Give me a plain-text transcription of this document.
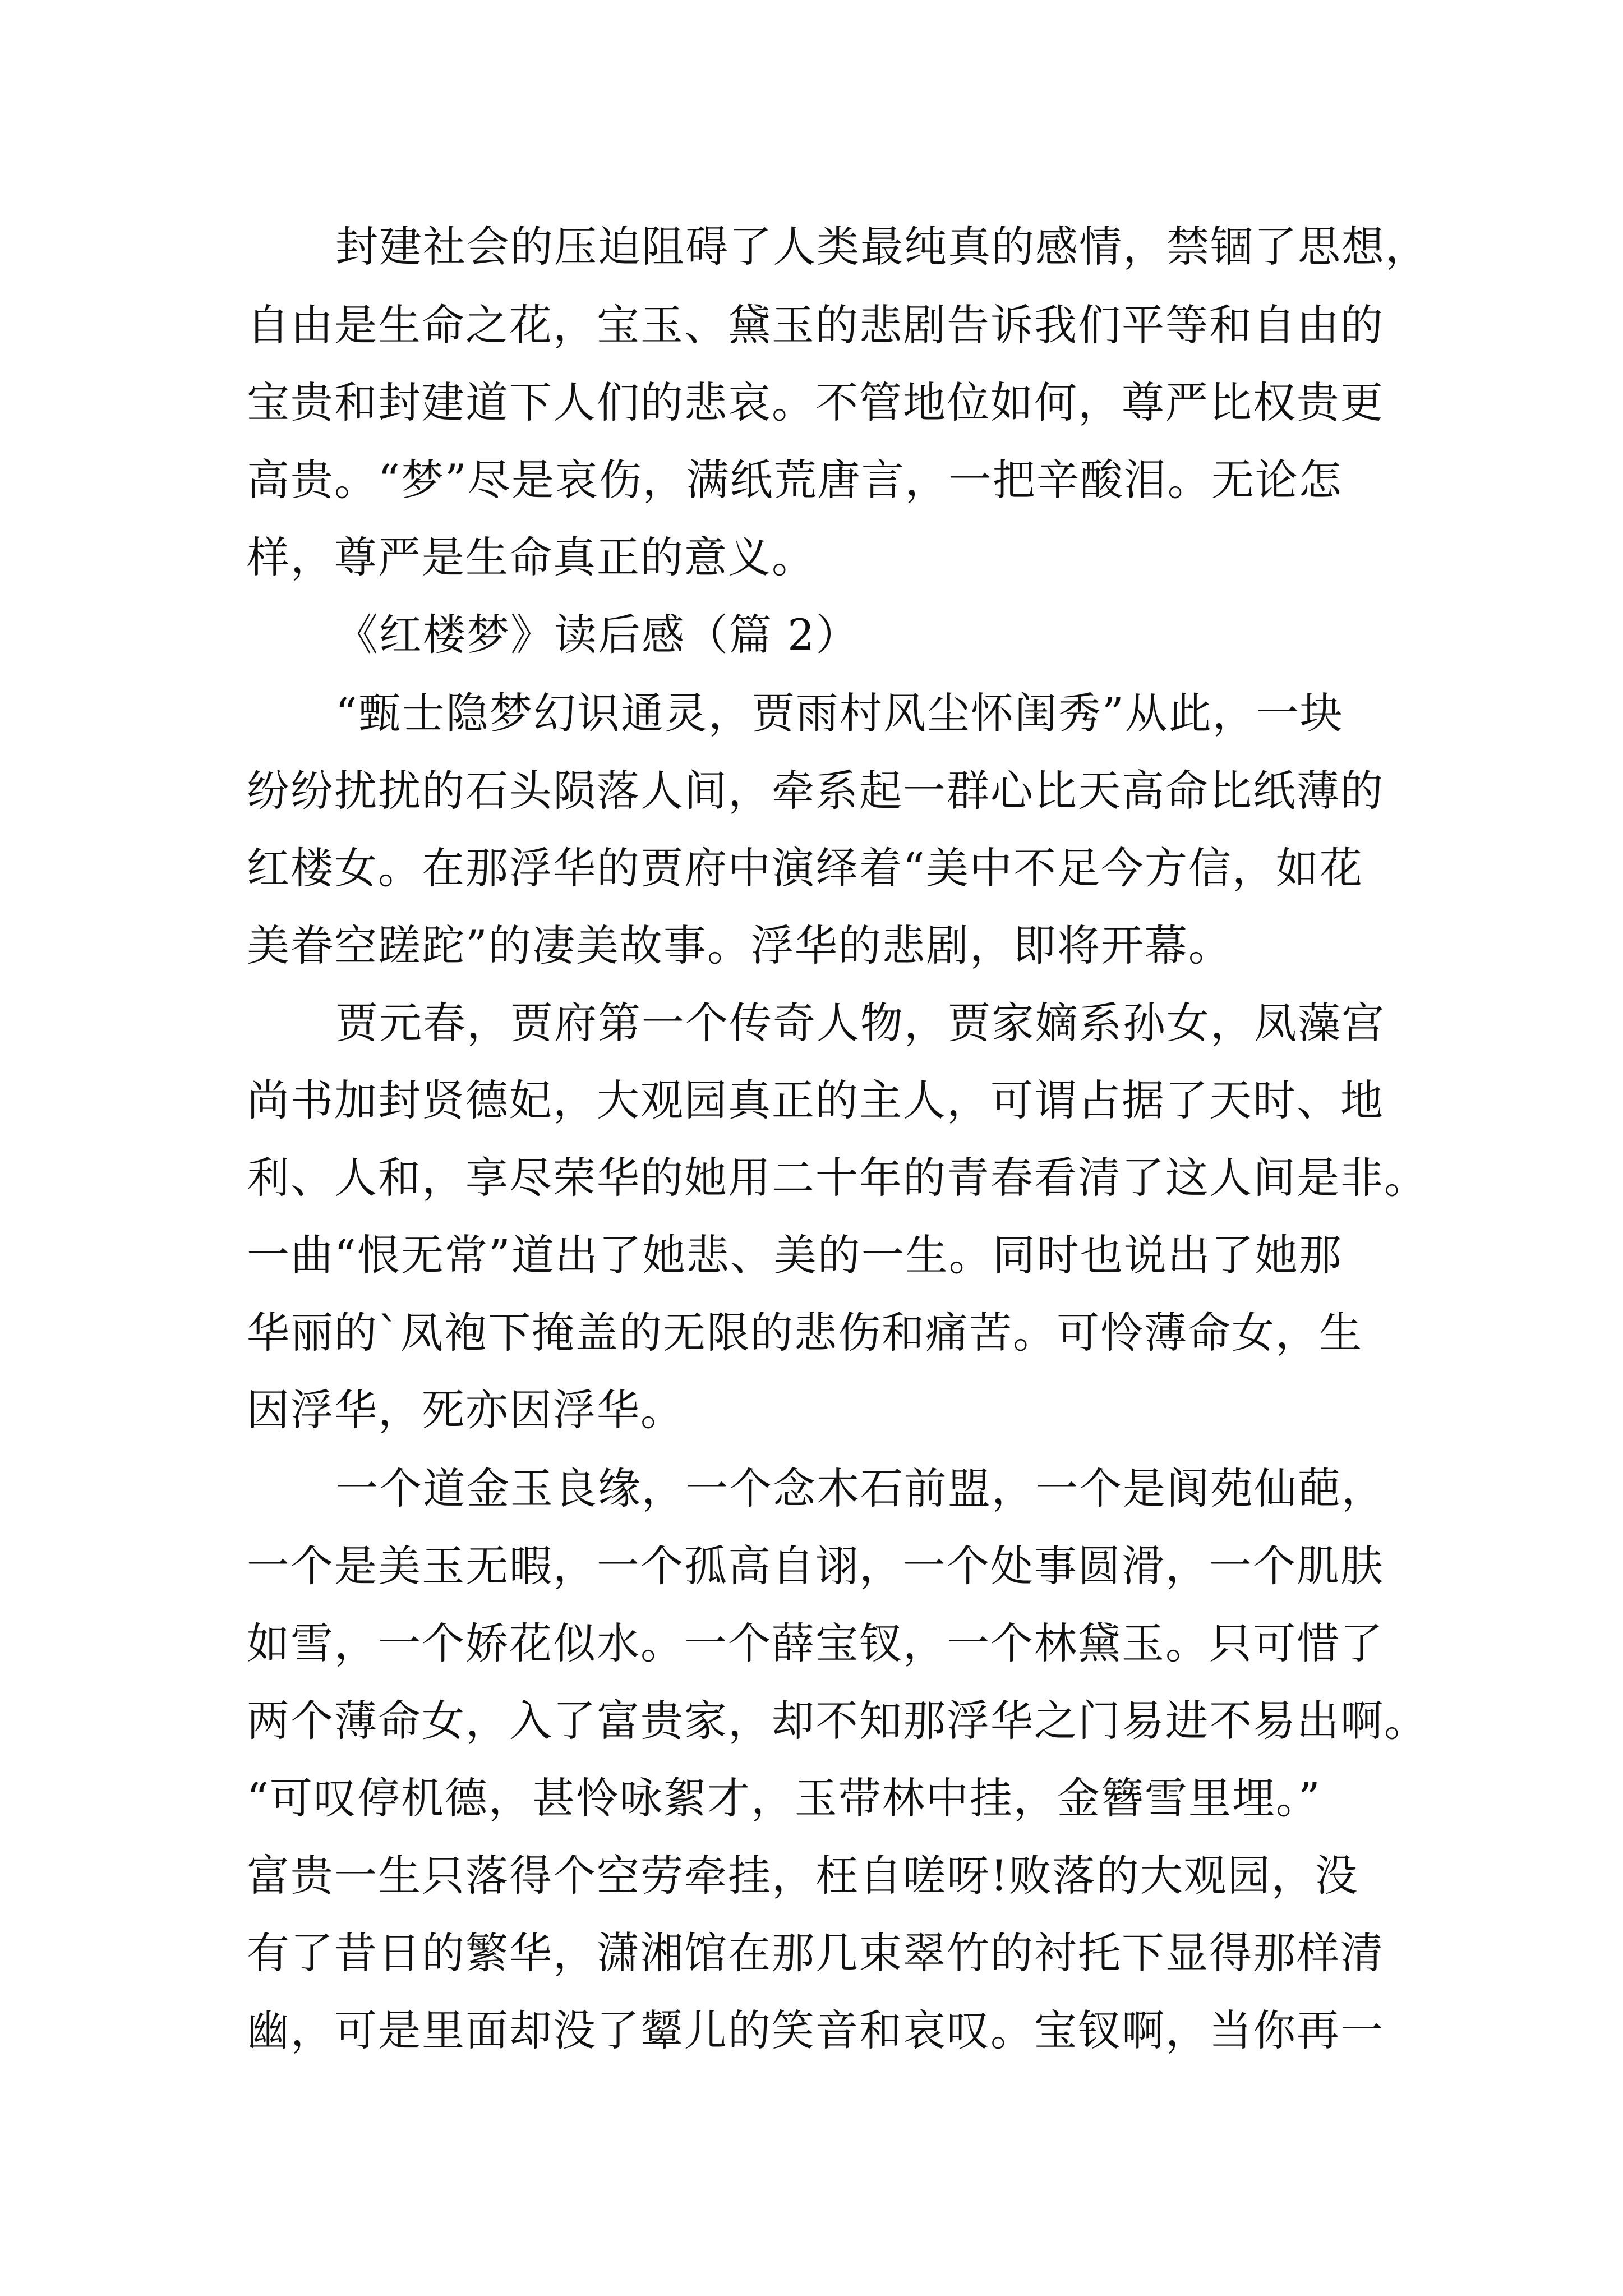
封建社会的压迫阻碍了人类最纯真的感情，禁锢了思想，
自由是生命之花，宝玉、黛玉的悲剧告诉我们平等和自由的
宝贵和封建道下人们的悲哀。不管地位如何，尊严比权贵更
高贵。“梦”尽是哀伤，满纸荒唐言，一把辛酸泪。无论怎
样，尊严是生命真正的意义。
《红楼梦》读后感（篇 2）
“甄士隐梦幻识通灵，贾雨村风尘怀闺秀”从此，一块
纷纷扰扰的石头陨落人间，牵系起一群心比天高命比纸薄的
红楼女。在那浮华的贾府中演绎着“美中不足今方信，如花
美眷空蹉跎”的凄美故事。浮华的悲剧，即将开幕。
贾元春，贾府第一个传奇人物，贾家嫡系孙女，凤藻宫
尚书加封贤德妃，大观园真正的主人，可谓占据了天时、地
利、人和，享尽荣华的她用二十年的青春看清了这人间是非。
一曲“恨无常”道出了她悲、美的一生。同时也说出了她那
华丽的`凤袍下掩盖的无限的悲伤和痛苦。可怜薄命女，生
因浮华，死亦因浮华。
一个道金玉良缘，一个念木石前盟，一个是阆苑仙葩，
一个是美玉无暇，一个孤高自诩，一个处事圆滑，一个肌肤
如雪，一个娇花似水。一个薛宝钗，一个林黛玉。只可惜了
两个薄命女，入了富贵家，却不知那浮华之门易进不易出啊。
“可叹停机德，甚怜咏絮才，玉带林中挂，金簪雪里埋。”
富贵一生只落得个空劳牵挂，枉自嗟呀!败落的大观园，没
有了昔日的繁华，潇湘馆在那几束翠竹的衬托下显得那样清
幽，可是里面却没了颦儿的笑音和哀叹。宝钗啊，当你再一
